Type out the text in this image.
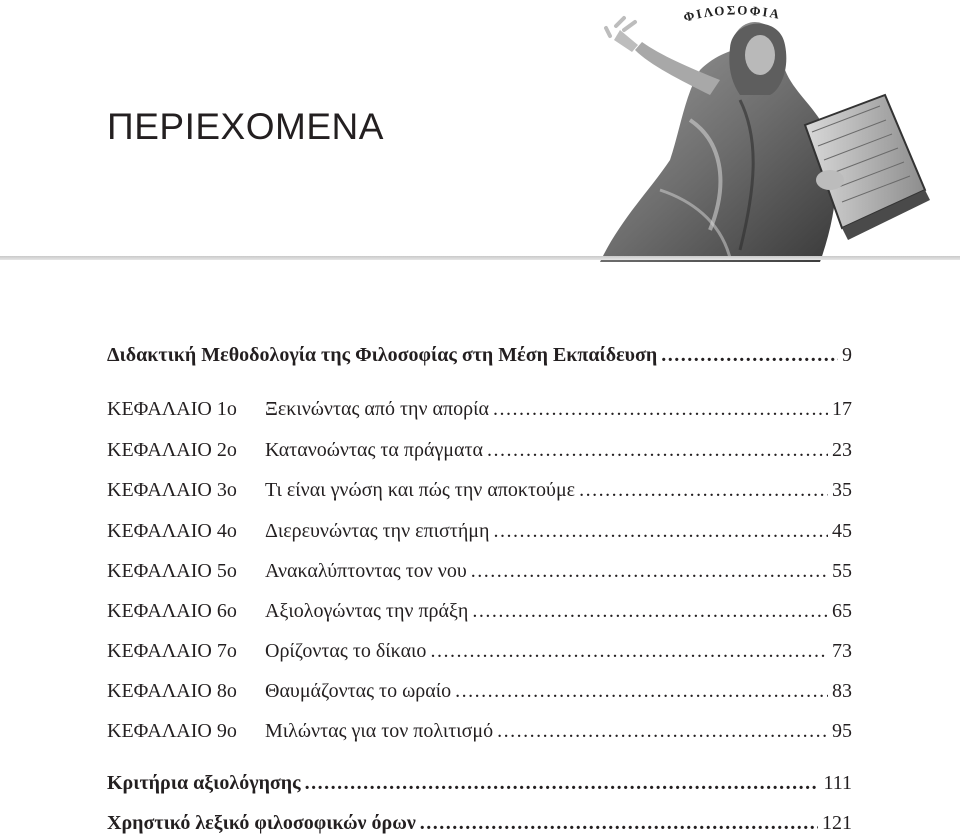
ΠΕΡΙΕΧΟΜΕΝΑ
ΦΙΛΟΣΟΦΙΑ
Διδακτική Μεθοδολογία της Φιλοσοφίας στη Μέση Εκπαίδευση .....	9
ΚΕΦΑΛΑΙΟ 1ο	Ξεκινώντας από την απορία .....	17
ΚΕΦΑΛΑΙΟ 2ο	Κατανοώντας τα πράγματα .....	23
ΚΕΦΑΛΑΙΟ 3ο	Τι είναι γνώση και πώς την αποκτούμε .....	35
ΚΕΦΑΛΑΙΟ 4ο	Διερευνώντας την επιστήμη .....	45
ΚΕΦΑΛΑΙΟ 5ο	Ανακαλύπτοντας τον νου .....	55
ΚΕΦΑΛΑΙΟ 6ο	Αξιολογώντας την πράξη .....	65
ΚΕΦΑΛΑΙΟ 7ο	Ορίζοντας το δίκαιο .....	73
ΚΕΦΑΛΑΙΟ 8ο	Θαυμάζοντας το ωραίο .....	83
ΚΕΦΑΛΑΙΟ 9ο	Μιλώντας για τον πολιτισμό .....	95
Κριτήρια αξιολόγησης .....	111
Χρηστικό λεξικό φιλοσοφικών όρων .....	121
